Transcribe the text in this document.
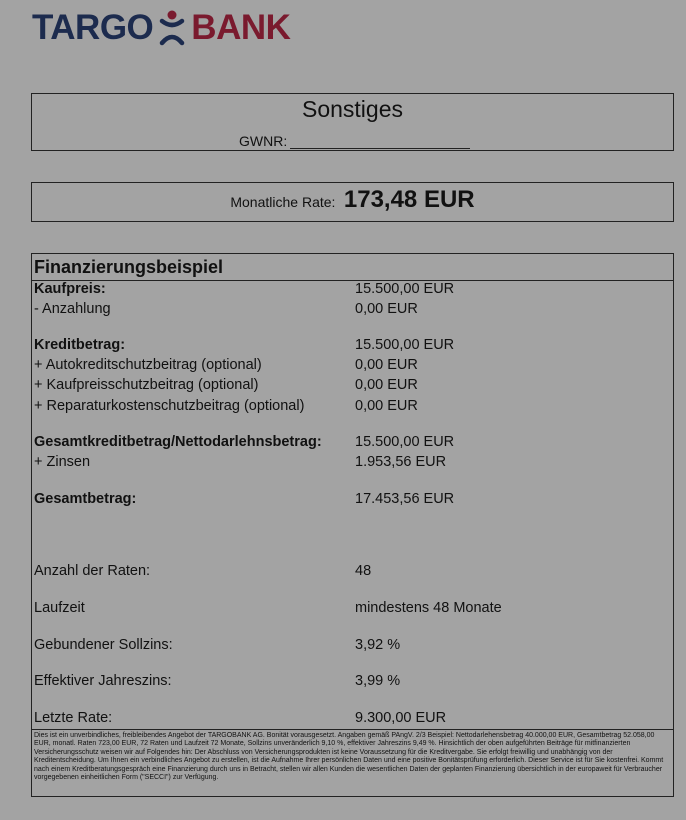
TARGO BANK
Sonstiges
GWNR:
Monatliche Rate: 173,48 EUR
Finanzierungsbeispiel
Kaufpreis:	15.500,00 EUR
- Anzahlung	0,00 EUR
Kreditbetrag:	15.500,00 EUR
+ Autokreditschutzbeitrag (optional)	0,00 EUR
+ Kaufpreisschutzbeitrag (optional)	0,00 EUR
+ Reparaturkostenschutzbeitrag (optional)	0,00 EUR
Gesamtkreditbetrag/Nettodarlehnsbetrag: 15.500,00 EUR
+ Zinsen	1.953,56 EUR
Gesamtbetrag:	17.453,56 EUR
Anzahl der Raten:	48
Laufzeit	mindestens 48 Monate
Gebundener Sollzins:	3,92 %
Effektiver Jahreszins:	3,99 %
Letzte Rate:	9.300,00 EUR
Dies ist ein unverbindliches, freibleibendes Angebot der TARGOBANK AG. Bonität vorausgesetzt. Angaben gemäß PAngV. 2/3 Beispiel: Nettodarlehensbetrag 40.000,00 EUR, Gesamtbetrag 52.058,00 EUR, monatl. Raten 723,00 EUR, 72 Raten und Laufzeit 72 Monate, Sollzins unveränderlich 9,10 %, effektiver Jahreszins 9,49 %. Hinsichtlich der oben aufgeführten Beiträge für mitfinanzierten Versicherungsschutz weisen wir auf Folgendes hin: Der Abschluss von Versicherungsprodukten ist keine Voraussetzung für die Kreditvergabe. Sie erfolgt freiwillig und unabhängig von der Kreditentscheidung. Um Ihnen ein verbindliches Angebot zu erstellen, ist die Aufnahme Ihrer persönlichen Daten und eine positive Bonitätsprüfung erforderlich. Dieser Service ist für Sie kostenfrei. Kommt nach einem Kreditberatungsgespräch eine Finanzierung durch uns in Betracht, stellen wir allen Kunden die wesentlichen Daten der geplanten Finanzierung übersichtlich in der europaweit für Verbraucher vorgegebenen einheitlichen Form ("SECCI") zur Verfügung.
